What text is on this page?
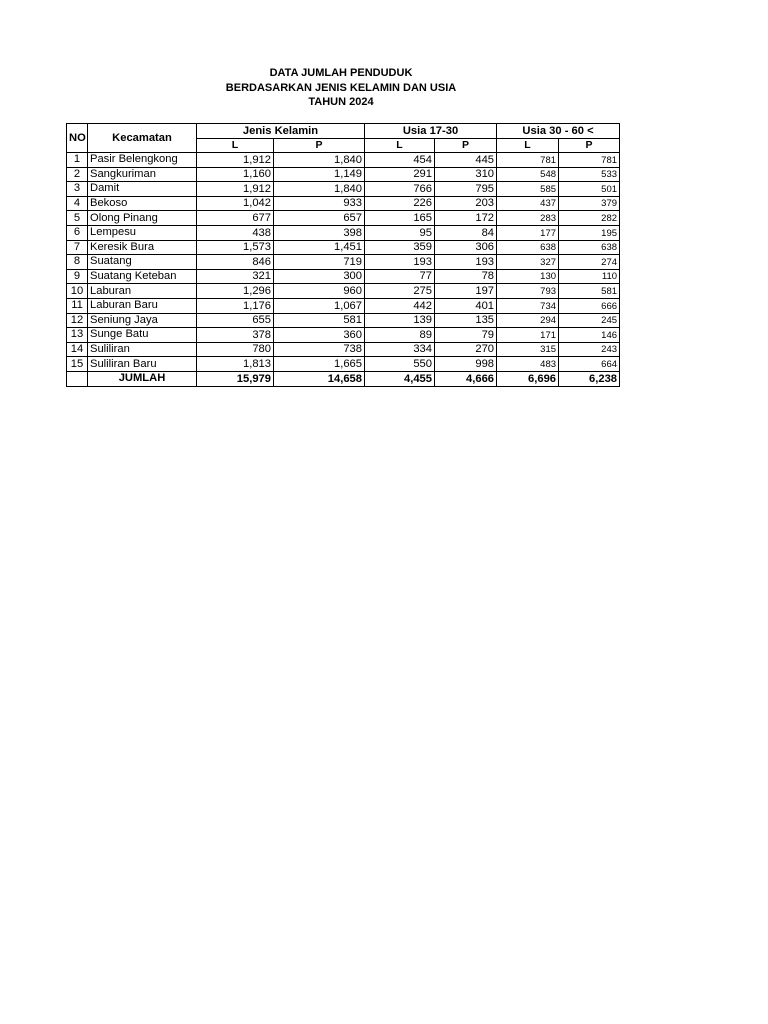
DATA JUMLAH PENDUDUK
BERDASARKAN JENIS KELAMIN DAN USIA
TAHUN 2024
NO	Kecamatan	Jenis Kelamin		Usia 17-30		Usia 30 - 60 <	
		L	P	L	P	L	P
1	Pasir Belengkong	1,912	1,840	454	445	781	781
2	Sangkuriman	1,160	1,149	291	310	548	533
3	Damit	1,912	1,840	766	795	585	501
4	Bekoso	1,042	933	226	203	437	379
5	Olong Pinang	677	657	165	172	283	282
6	Lempesu	438	398	95	84	177	195
7	Keresik Bura	1,573	1,451	359	306	638	638
8	Suatang	846	719	193	193	327	274
9	Suatang Keteban	321	300	77	78	130	110
10	Laburan	1,296	960	275	197	793	581
11	Laburan Baru	1,176	1,067	442	401	734	666
12	Seniung Jaya	655	581	139	135	294	245
13	Sunge Batu	378	360	89	79	171	146
14	Suliliran	780	738	334	270	315	243
15	Suliliran Baru	1,813	1,665	550	998	483	664
	JUMLAH	15,979	14,658	4,455	4,666	6,696	6,238
